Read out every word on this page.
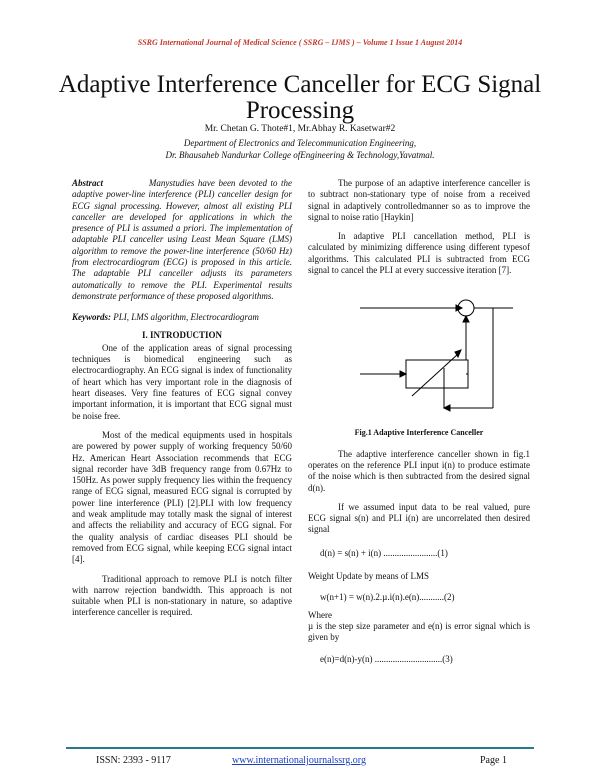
SSRG International Journal of Medical Science ( SSRG – IJMS ) – Volume 1 Issue 1 August 2014
Adaptive Interference Canceller for ECG Signal Processing
Mr. Chetan G. Thote#1, Mr.Abhay R. Kasetwar#2
Department of Electronics and Telecommunication Engineering,
Dr. Bhausaheb Nandurkar College ofEngineering & Technology,Yavatmal.

Abstract	Manystudies have been devoted to the adaptive power-line interference (PLI) canceller design for ECG signal processing. However, almost all existing PLI canceller are developed for applications in which the presence of PLI is assumed a priori. The implementation of adaptable PLI canceller using Least Mean Square (LMS) algorithm to remove the power-line interference (50/60 Hz) from electrocardiogram (ECG) is proposed in this article. The adaptable PLI canceller adjusts its parameters automatically to remove the PLI. Experimental results demonstrate performance of these proposed algorithms.

Keywords: PLI, LMS algorithm, Electrocardiogram

I. INTRODUCTION

One of the application areas of signal processing techniques is biomedical engineering such as electrocardiography. An ECG signal is index of functionality of heart which has very important role in the diagnosis of heart diseases. Very fine features of ECG signal convey important information, it is important that ECG signal must be noise free.

Most of the medical equipments used in hospitals are powered by power supply of working frequency 50/60 Hz. American Heart Association recommends that ECG signal recorder have 3dB frequency range from 0.67Hz to 150Hz. As power supply frequency lies within the frequency range of ECG signal, measured ECG signal is corrupted by power line interference (PLI) [2].PLI with low frequency and weak amplitude may totally mask the signal of interest and affects the reliability and accuracy of ECG signal. For the quality analysis of cardiac diseases PLI should be removed from ECG signal, while keeping ECG signal intact [4].

Traditional approach to remove PLI is notch filter with narrow rejection bandwidth. This approach is not suitable when PLI is non-stationary in nature, so adaptive interference canceller is required.

The purpose of an adaptive interference canceller is to subtract non-stationary type of noise from a received signal in adaptively controlledmanner so as to improve the signal to noise ratio [Haykin]

In adaptive PLI cancellation method, PLI is calculated by minimizing difference using different typesof algorithms. This calculated PLI is subtracted from ECG signal to cancel the PLI at every successive iteration [7].

Fig.1 Adaptive Interference Canceller

The adaptive interference canceller shown in fig.1 operates on the reference PLI input i(n) to produce estimate of the noise which is then subtracted from the desired signal d(n).

If we assumed input data to be real valued, pure ECG signal s(n) and PLI i(n) are uncorrelated then desired signal

d(n) = s(n) + i(n) ........................(1)

Weight Update by means of LMS

w(n+1) = w(n).2.µ.i(n).e(n)...........(2)

Where

µ is the step size parameter and e(n) is error signal which is given by

e(n)=d(n)-y(n) ..............................(3)
ISSN: 2393 - 9117	www.internationaljournalssrg.org	Page 1
